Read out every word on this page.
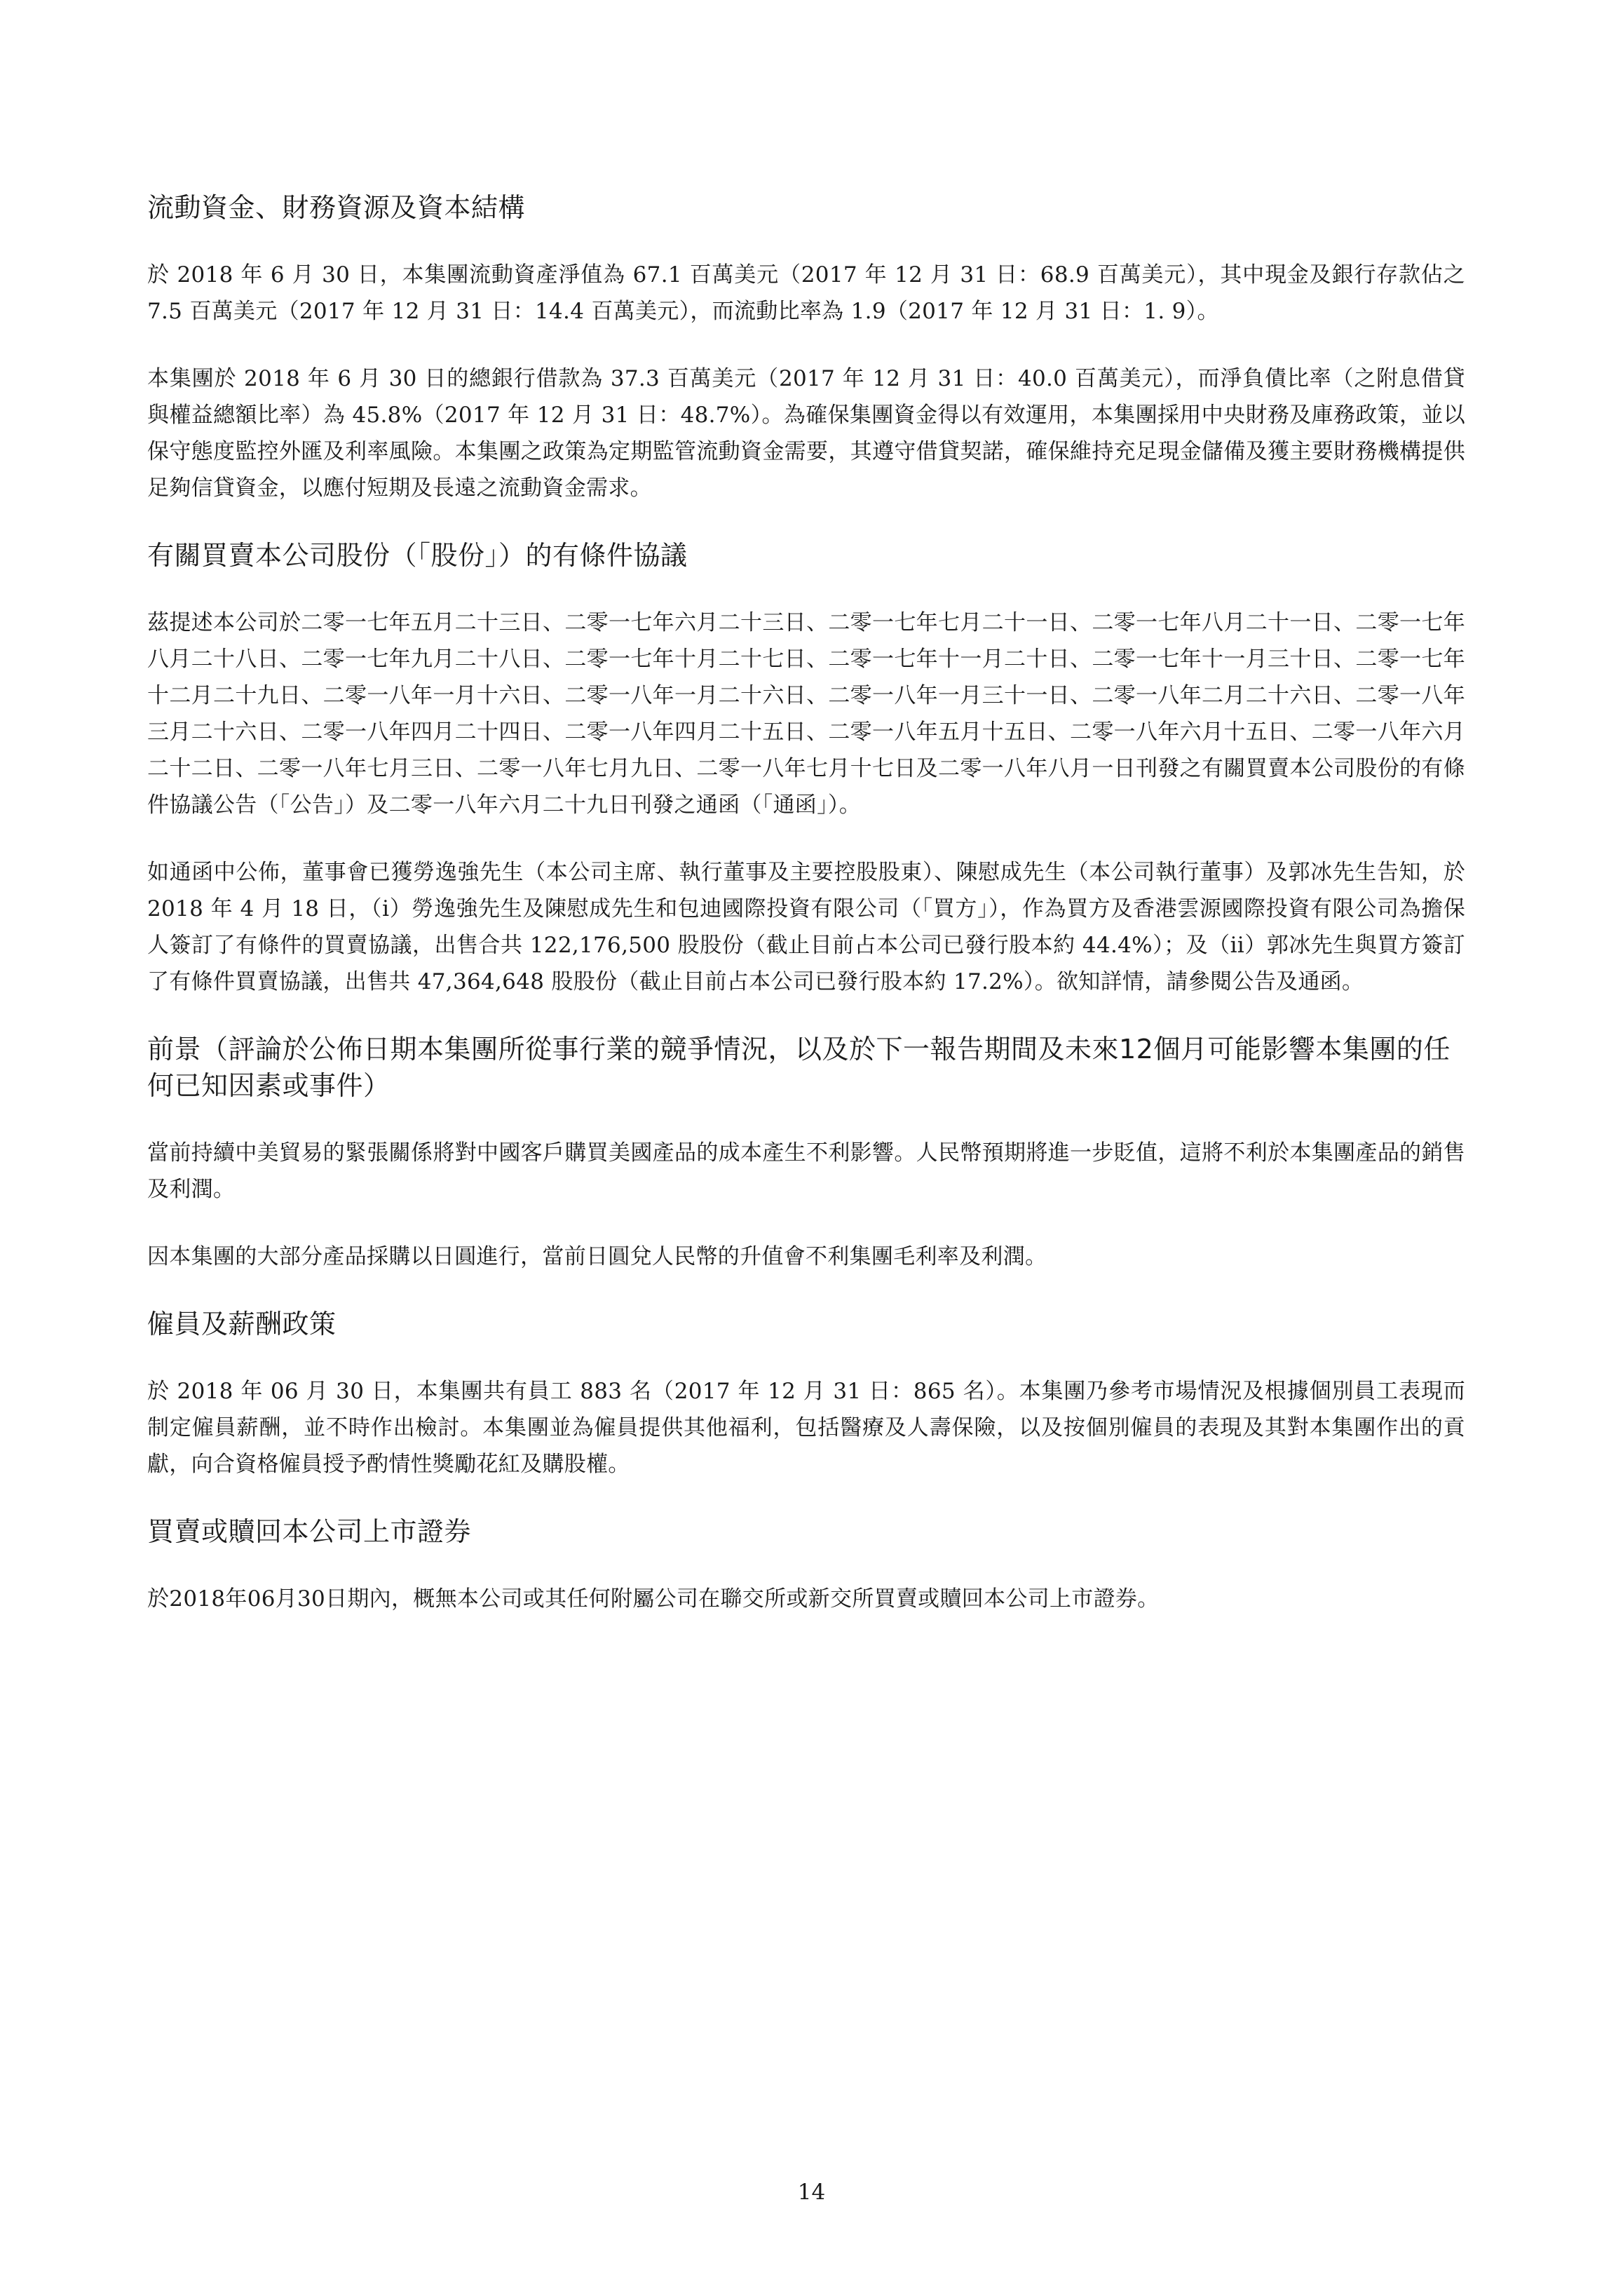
流動資金、財務資源及資本結構

於 2018 年 6 月 30 日，本集團流動資產淨值為 67.1 百萬美元（2017 年 12 月 31 日：68.9 百萬美元），其中現金及銀行存款佔之 7.5 百萬美元（2017 年 12 月 31 日：14.4 百萬美元），而流動比率為 1.9（2017 年 12 月 31 日：1. 9）。

本集團於 2018 年 6 月 30 日的總銀行借款為 37.3 百萬美元（2017 年 12 月 31 日：40.0 百萬美元），而淨負債比率（之附息借貸與權益總額比率）為 45.8%（2017 年 12 月 31 日：48.7%）。為確保集團資金得以有效運用，本集團採用中央財務及庫務政策，並以保守態度監控外匯及利率風險。本集團之政策為定期監管流動資金需要，其遵守借貸契諾，確保維持充足現金儲備及獲主要財務機構提供足夠信貸資金，以應付短期及長遠之流動資金需求。

有關買賣本公司股份（「股份」）的有條件協議

茲提述本公司於二零一七年五月二十三日、二零一七年六月二十三日、二零一七年七月二十一日、二零一七年八月二十一日、二零一七年八月二十八日、二零一七年九月二十八日、二零一七年十月二十七日、二零一七年十一月二十日、二零一七年十一月三十日、二零一七年十二月二十九日、二零一八年一月十六日、二零一八年一月二十六日、二零一八年一月三十一日、二零一八年二月二十六日、二零一八年三月二十六日、二零一八年四月二十四日、二零一八年四月二十五日、二零一八年五月十五日、二零一八年六月十五日、二零一八年六月二十二日、二零一八年七月三日、二零一八年七月九日、二零一八年七月十七日及二零一八年八月一日刊發之有關買賣本公司股份的有條件協議公告（「公告」）及二零一八年六月二十九日刊發之通函（「通函」）。

如通函中公佈，董事會已獲勞逸強先生（本公司主席、執行董事及主要控股股東）、陳慰成先生（本公司執行董事）及郭冰先生告知，於 2018 年 4 月 18 日，（i）勞逸強先生及陳慰成先生和包迪國際投資有限公司（「買方」），作為買方及香港雲源國際投資有限公司為擔保人簽訂了有條件的買賣協議，出售合共 122,176,500 股股份（截止目前占本公司已發行股本約 44.4%）；及（ii）郭冰先生與買方簽訂了有條件買賣協議，出售共 47,364,648 股股份（截止目前占本公司已發行股本約 17.2%）。欲知詳情，請參閱公告及通函。

前景（評論於公佈日期本集團所從事行業的競爭情況，以及於下一報告期間及未來12個月可能影響本集團的任何已知因素或事件）

當前持續中美貿易的緊張關係將對中國客戶購買美國產品的成本產生不利影響。人民幣預期將進一步貶值，這將不利於本集團產品的銷售及利潤。

因本集團的大部分產品採購以日圓進行，當前日圓兌人民幣的升值會不利集團毛利率及利潤。

僱員及薪酬政策

於 2018 年 06 月 30 日，本集團共有員工 883 名（2017 年 12 月 31 日：865 名）。本集團乃參考市場情況及根據個別員工表現而制定僱員薪酬，並不時作出檢討。本集團並為僱員提供其他福利，包括醫療及人壽保險，以及按個別僱員的表現及其對本集團作出的貢獻，向合資格僱員授予酌情性獎勵花紅及購股權。

買賣或贖回本公司上市證券

於2018年06月30日期內，概無本公司或其任何附屬公司在聯交所或新交所買賣或贖回本公司上市證券。

14
